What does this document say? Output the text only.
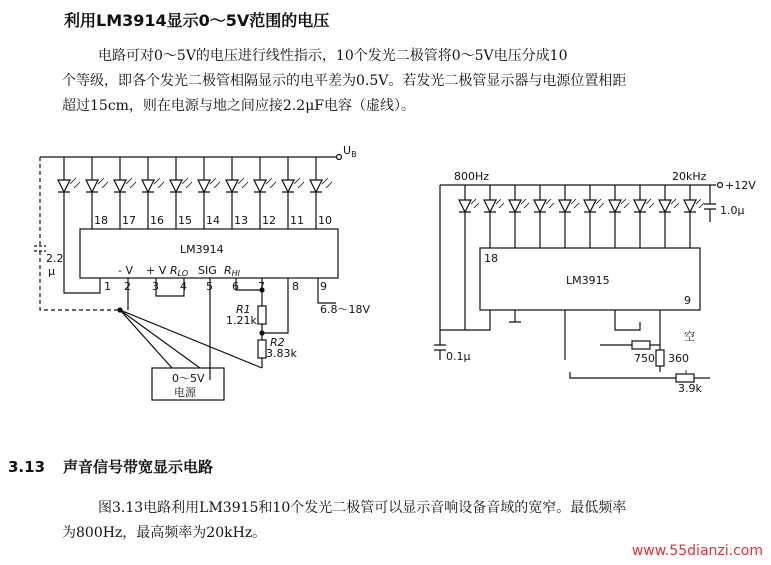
利用LM3914显示0～5V范围的电压
电路可对0～5V的电压进行线性指示，10个发光二极管将0～5V电压分成10
个等级，即各个发光二极管相隔显示的电平差为0.5V。若发光二极管显示器与电源位置相距
超过15cm，则在电源与地之间应接2.2μF电容（虚线）。
$U_B$
18 17 16 15 14 13 12 11 10
LM3914
- V + V RLO SIG RHI
1 2 3 4 5 6 7 8 9
2.2
μ
R1
1.21k
R2
3.83k
6.8～18V
0～5V
电源
800Hz	20kHz
+12V
1.0μ
18
LM3915
9
空
0.1μ	750 360
3.9k
3.13 声音信号带宽显示电路
图3.13电路利用LM3915和10个发光二极管可以显示音响设备音域的宽窄。最低频率
为800Hz，最高频率为20kHz。
www.55dianzi.com
